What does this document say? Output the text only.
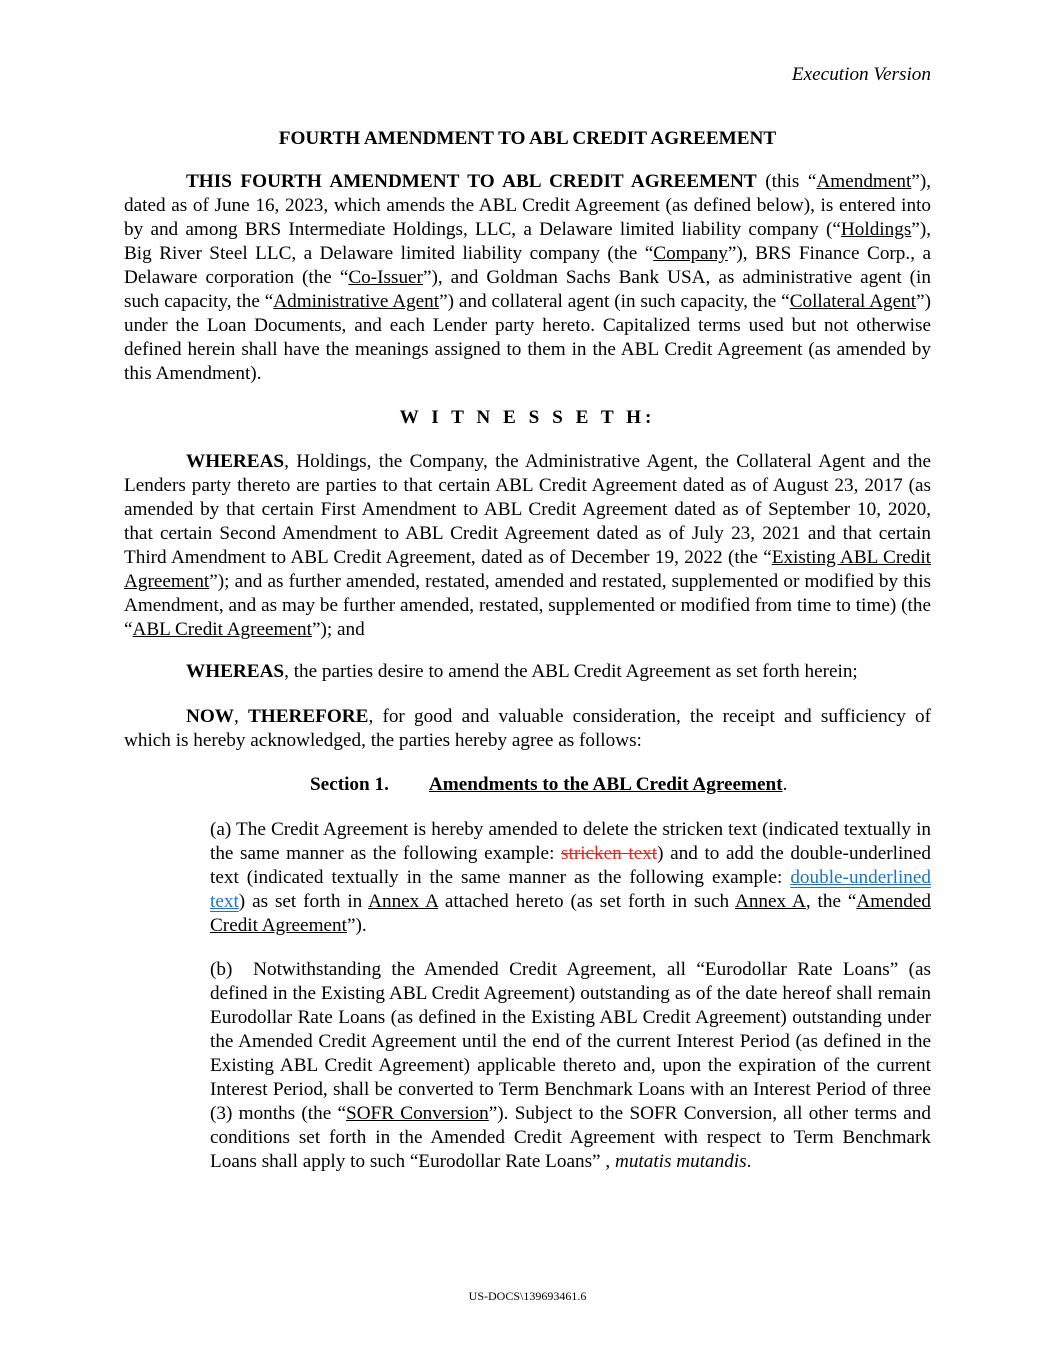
Execution Version
FOURTH AMENDMENT TO ABL CREDIT AGREEMENT

THIS FOURTH AMENDMENT TO ABL CREDIT AGREEMENT (this “Amendment”), dated as of June 16, 2023, which amends the ABL Credit Agreement (as defined below), is entered into by and among BRS Intermediate Holdings, LLC, a Delaware limited liability company (“Holdings”), Big River Steel LLC, a Delaware limited liability company (the “Company”), BRS Finance Corp., a Delaware corporation (the “Co-Issuer”), and Goldman Sachs Bank USA, as administrative agent (in such capacity, the “Administrative Agent”) and collateral agent (in such capacity, the “Collateral Agent”) under the Loan Documents, and each Lender party hereto. Capitalized terms used but not otherwise defined herein shall have the meanings assigned to them in the ABL Credit Agreement (as amended by this Amendment).

W I T N E S S E T H:

WHEREAS, Holdings, the Company, the Administrative Agent, the Collateral Agent and the Lenders party thereto are parties to that certain ABL Credit Agreement dated as of August 23, 2017 (as amended by that certain First Amendment to ABL Credit Agreement dated as of September 10, 2020, that certain Second Amendment to ABL Credit Agreement dated as of July 23, 2021 and that certain Third Amendment to ABL Credit Agreement, dated as of December 19, 2022 (the “Existing ABL Credit Agreement”); and as further amended, restated, amended and restated, supplemented or modified by this Amendment, and as may be further amended, restated, supplemented or modified from time to time) (the “ABL Credit Agreement”); and

WHEREAS, the parties desire to amend the ABL Credit Agreement as set forth herein;

NOW, THEREFORE, for good and valuable consideration, the receipt and sufficiency of which is hereby acknowledged, the parties hereby agree as follows:

Section 1. Amendments to the ABL Credit Agreement.

(a) The Credit Agreement is hereby amended to delete the stricken text (indicated textually in the same manner as the following example: stricken text) and to add the double-underlined text (indicated textually in the same manner as the following example: double-underlined text) as set forth in Annex A attached hereto (as set forth in such Annex A, the “Amended Credit Agreement”).

(b)  Notwithstanding the Amended Credit Agreement, all “Eurodollar Rate Loans” (as defined in the Existing ABL Credit Agreement) outstanding as of the date hereof shall remain Eurodollar Rate Loans (as defined in the Existing ABL Credit Agreement) outstanding under the Amended Credit Agreement until the end of the current Interest Period (as defined in the Existing ABL Credit Agreement) applicable thereto and, upon the expiration of the current Interest Period, shall be converted to Term Benchmark Loans with an Interest Period of three (3) months (the “SOFR Conversion”). Subject to the SOFR Conversion, all other terms and conditions set forth in the Amended Credit Agreement with respect to Term Benchmark Loans shall apply to such “Eurodollar Rate Loans” , mutatis mutandis.

US-DOCS\139693461.6
